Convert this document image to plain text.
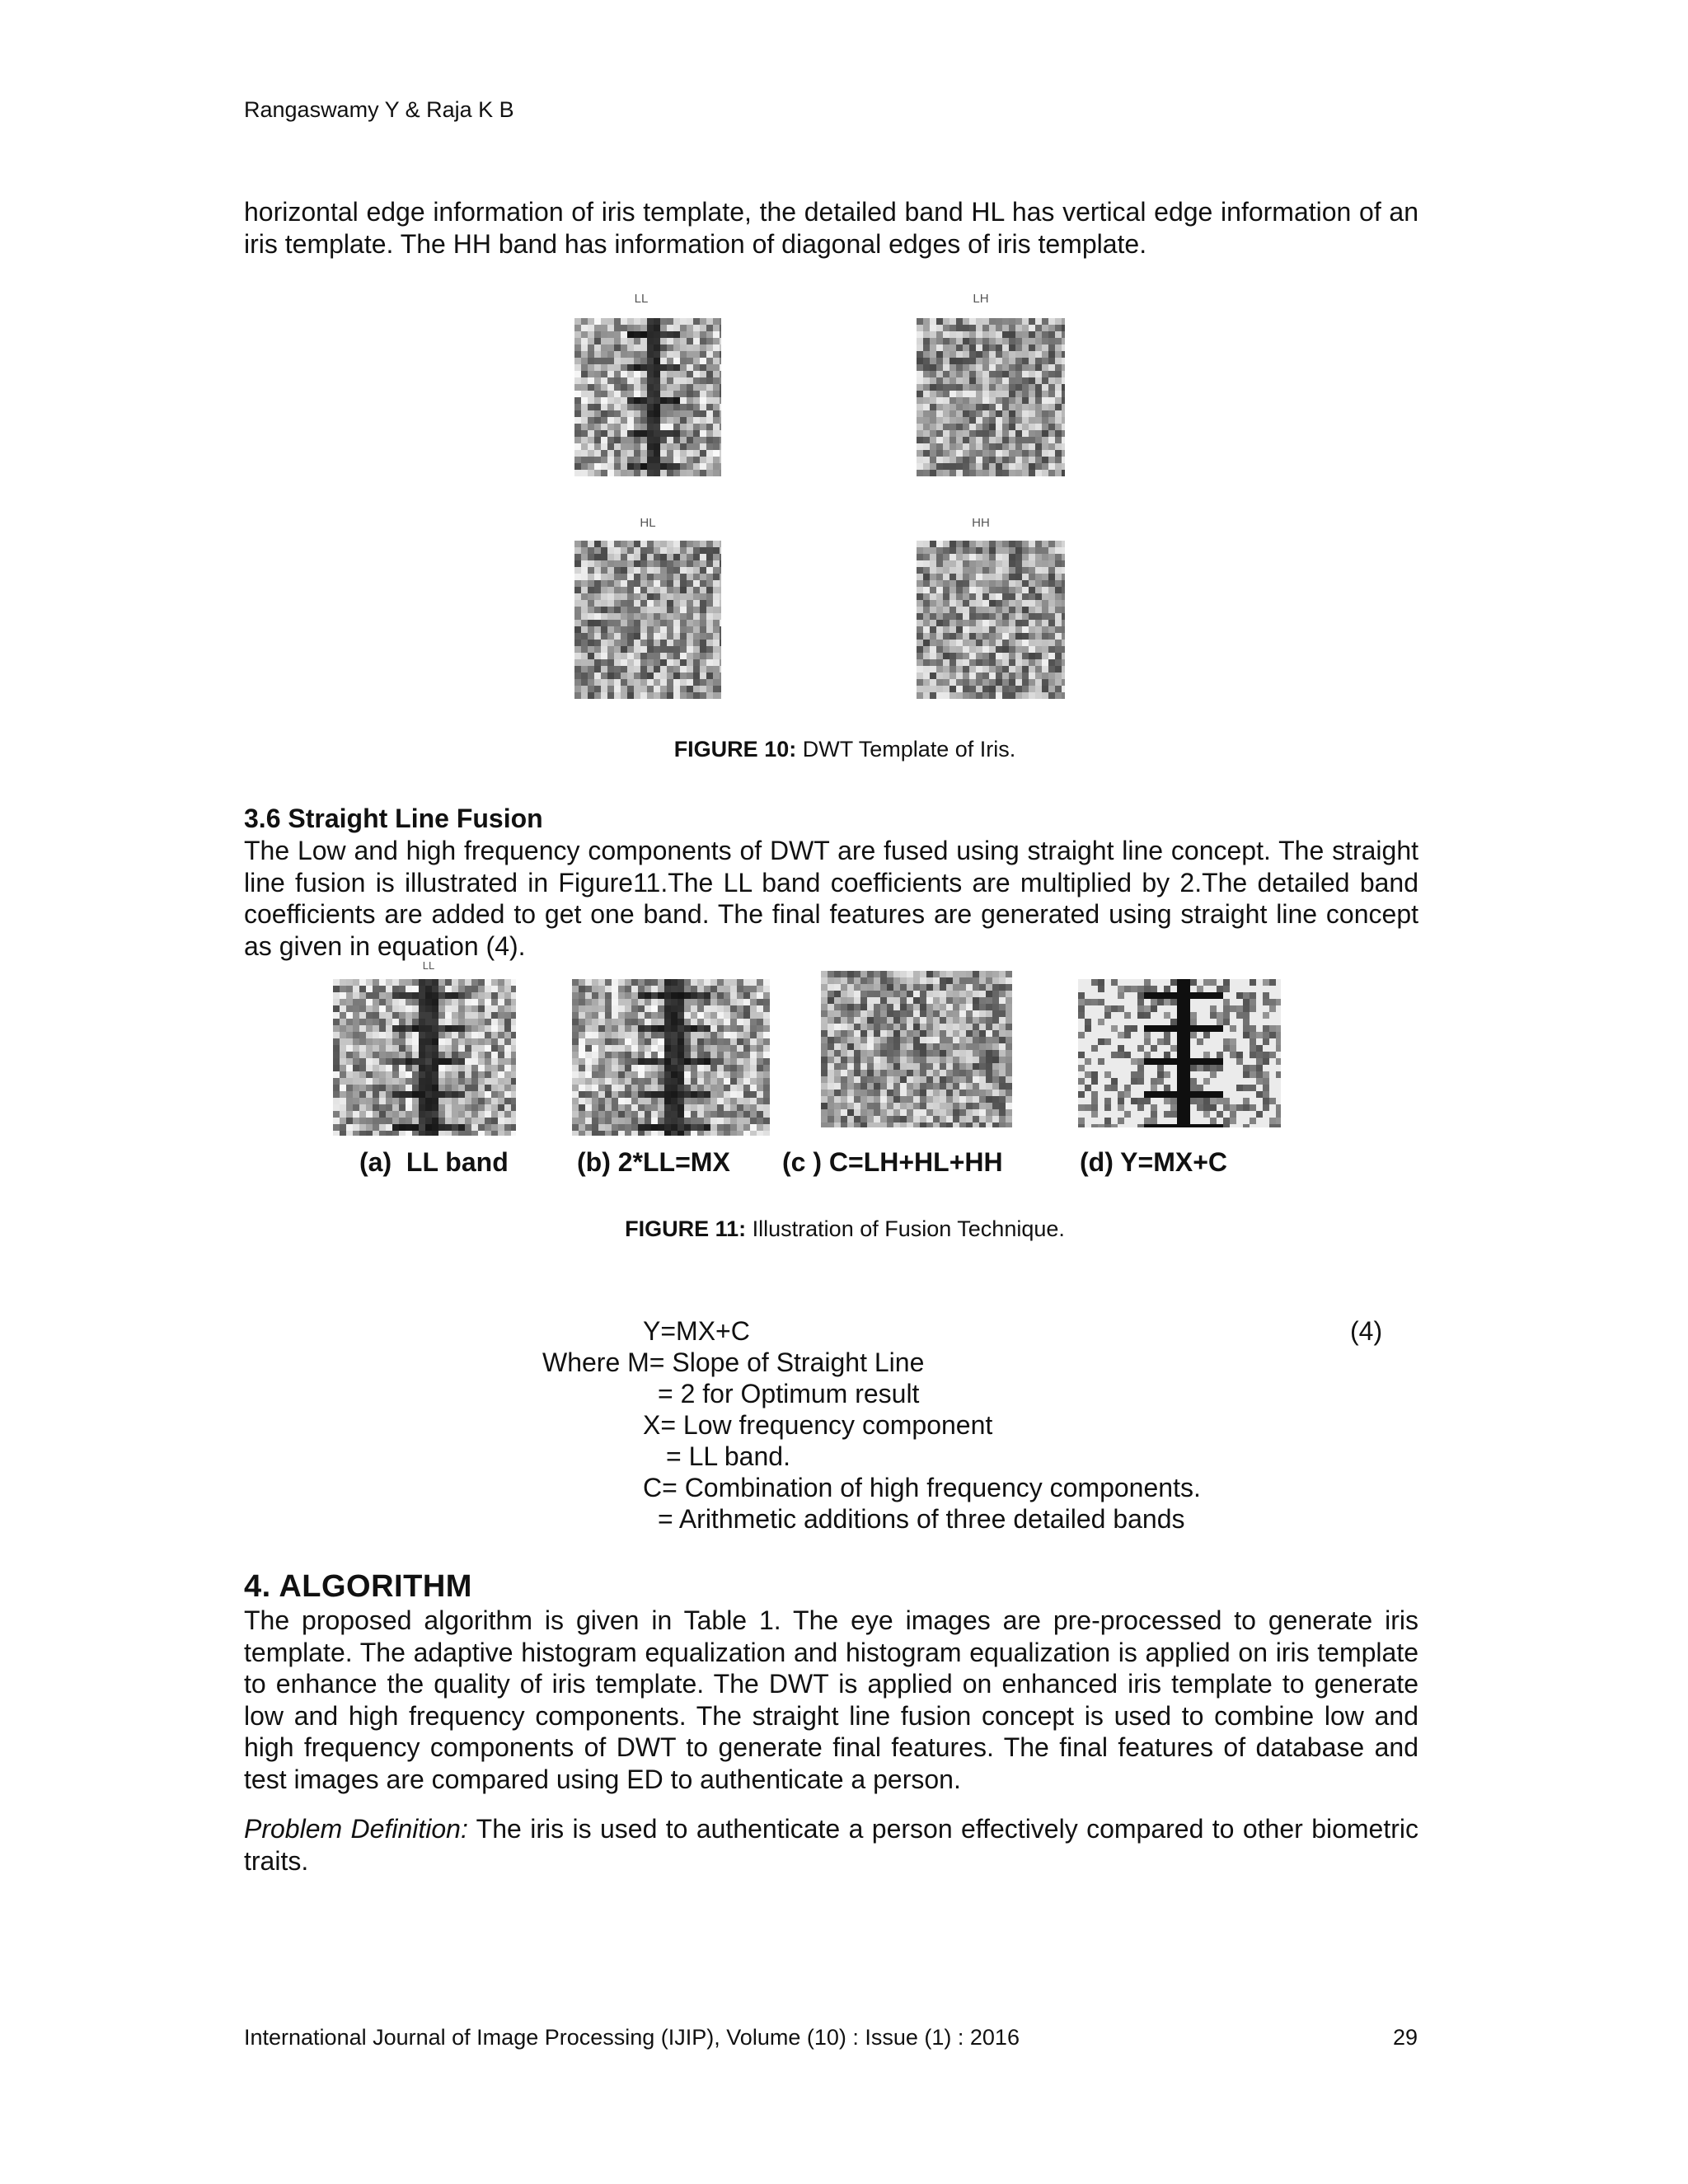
Rangaswamy Y & Raja K B
horizontal edge information of iris template, the detailed band HL has vertical edge information of an iris template. The HH band has information of diagonal edges of iris template.
LL	LH
HL	HH
FIGURE 10: DWT Template of Iris.
3.6 Straight Line Fusion
The Low and high frequency components of DWT are fused using straight line concept. The straight line fusion is illustrated in Figure11.The LL band coefficients are multiplied by 2.The detailed band coefficients are added to get one band. The final features are generated using straight line concept as given in equation (4).
LL
(a)  LL band	(b) 2*LL=MX (c ) C=LH+HL+HH	(d) Y=MX+C
FIGURE 11: Illustration of Fusion Technique.
Y=MX+C	(4)
Where M= Slope of Straight Line
= 2 for Optimum result
X= Low frequency component
= LL band.
C= Combination of high frequency components.
= Arithmetic additions of three detailed bands
4. ALGORITHM
The proposed algorithm is given in Table 1. The eye images are pre-processed to generate iris template. The adaptive histogram equalization and histogram equalization is applied on iris template to enhance the quality of iris template. The DWT is applied on enhanced iris template to generate low and high frequency components. The straight line fusion concept is used to combine low and high frequency components of DWT to generate final features. The final features of database and test images are compared using ED to authenticate a person.
Problem Definition: The iris is used to authenticate a person effectively compared to other biometric traits.
International Journal of Image Processing (IJIP), Volume (10) : Issue (1) : 2016	29
